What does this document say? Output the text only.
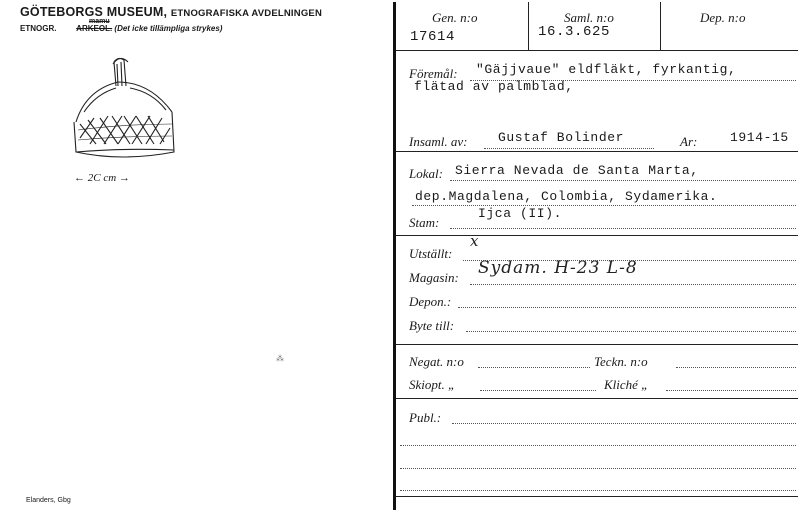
GÖTEBORGS MUSEUM, ETNOGRAFISKA AVDELNINGEN
mamu
ETNOGR. ARKEOL. (Det icke tillämpliga strykes)
← 2C cm →
⁂
Elanders, Gbg
Gen. n:o
17614
Saml. n:o
16.3.625
Dep. n:o
Föremål: "Gäjjvaue" eldfläkt, fyrkantig,
flätad av palmblad,
Insaml. av: Gustaf Bolinder	Ar:	1914-15
Lokal: Sierra Nevada de Santa Marta,
dep.Magdalena, Colombia, Sydamerika.
Stam:
Ijca (II).
Utställt:
x
Magasin: Sydam. H-23 L-8
Depon.:
Byte till:
Negat. n:o	Teckn. n:o
Skiopt. „	Kliché „
Publ.:
